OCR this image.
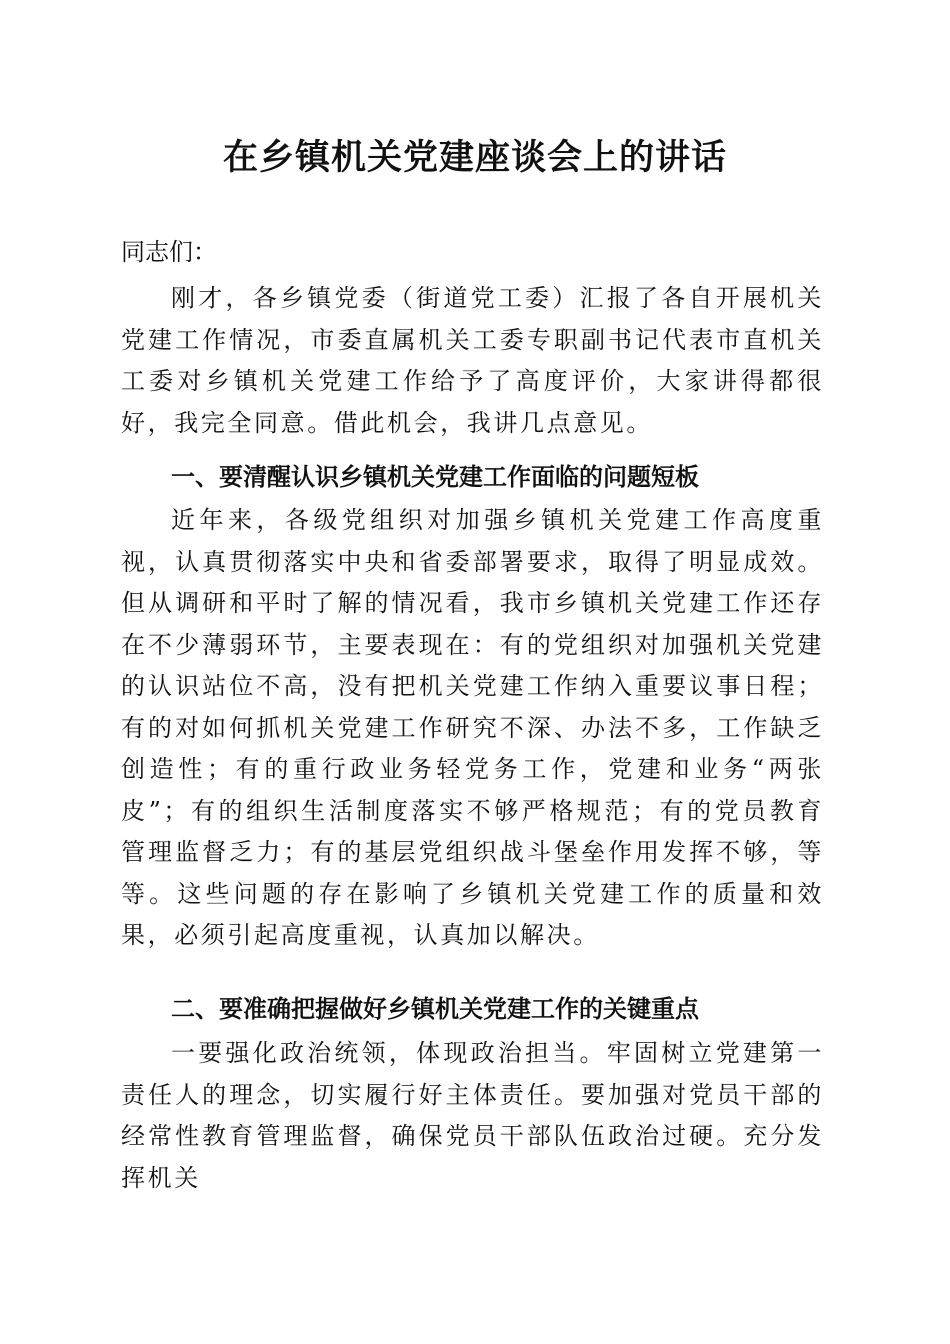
在乡镇机关党建座谈会上的讲话

同志们：

刚才，各乡镇党委（街道党工委）汇报了各自开展机关党建工作情况，市委直属机关工委专职副书记代表市直机关工委对乡镇机关党建工作给予了高度评价，大家讲得都很好，我完全同意。借此机会，我讲几点意见。

一、要清醒认识乡镇机关党建工作面临的问题短板

近年来，各级党组织对加强乡镇机关党建工作高度重视，认真贯彻落实中央和省委部署要求，取得了明显成效。但从调研和平时了解的情况看，我市乡镇机关党建工作还存在不少薄弱环节，主要表现在：有的党组织对加强机关党建的认识站位不高，没有把机关党建工作纳入重要议事日程；有的对如何抓机关党建工作研究不深、办法不多，工作缺乏创造性；有的重行政业务轻党务工作，党建和业务“两张皮”；有的组织生活制度落实不够严格规范；有的党员教育管理监督乏力；有的基层党组织战斗堡垒作用发挥不够，等等。这些问题的存在影响了乡镇机关党建工作的质量和效果，必须引起高度重视，认真加以解决。

二、要准确把握做好乡镇机关党建工作的关键重点

一要强化政治统领，体现政治担当。牢固树立党建第一责任人的理念，切实履行好主体责任。要加强对党员干部的经常性教育管理监督，确保党员干部队伍政治过硬。充分发挥机关
